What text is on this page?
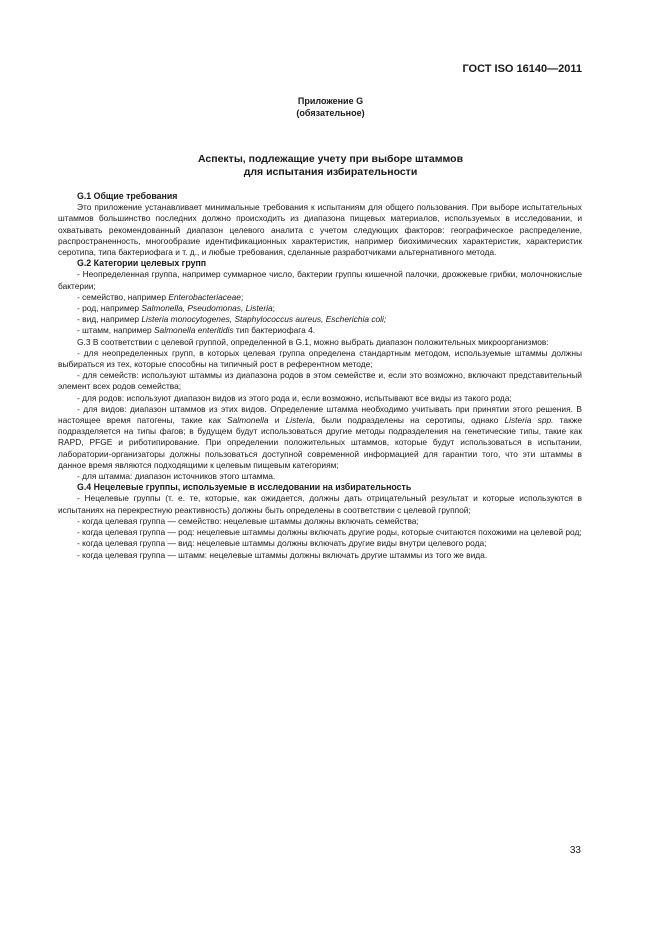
ГОСТ ISO 16140—2011
Приложение G
(обязательное)
Аспекты, подлежащие учету при выборе штаммов
для испытания избирательности
G.1 Общие требования

Это приложение устанавливает минимальные требования к испытаниям для общего пользования. При выборе испытательных штаммов большинство последних должно происходить из диапазона пищевых материалов, используемых в исследовании, и охватывать рекомендованный диапазон целевого аналита с учетом следующих факторов: географическое распределение, распространенность, многообразие идентификационных характеристик, например биохимических характеристик, характеристик серотипа, типа бактериофага и т. д., и любые требования, сделанные разработчиками альтернативного метода.

G.2 Категории целевых групп

- Неопределенная группа, например суммарное число, бактерии группы кишечной палочки, дрожжевые грибки, молочнокислые бактерии;

- семейство, например Enterobacteriaceae;

- род, например Salmonella, Pseudomonas, Listeria;

- вид, например Listeria monocytogenes, Staphylococcus aureus, Escherichia coli;

- штамм, например Salmonella enteritidis тип бактериофага 4.

G.3 В соответствии с целевой группой, определенной в G.1, можно выбрать диапазон положительных микроорганизмов:

- для неопределенных групп, в которых целевая группа определена стандартным методом, используемые штаммы должны выбираться из тех, которые способны на типичный рост в референтном методе;

- для семейств: используют штаммы из диапазона родов в этом семействе и, если это возможно, включают представительный элемент всех родов семейства;

- для родов: используют диапазон видов из этого рода и, если возможно, испытывают все виды из такого рода;

- для видов: диапазон штаммов из этих видов. Определение штамма необходимо учитывать при принятии этого решения. В настоящее время патогены, такие как Salmonella и Listeria, были подразделены на серотипы, однако Listeria spp. также подразделяется на типы фагов; в будущем будут использоваться другие методы подразделения на генетические типы, такие как RAPD, PFGE и риботипирование. При определении положительных штаммов, которые будут использоваться в испытании, лаборатории-организаторы должны пользоваться доступной современной информацией для гарантии того, что эти штаммы в данное время являются подходящими к целевым пищевым категориям;

- для штамма: диапазон источников этого штамма.

G.4 Нецелевые группы, используемые в исследовании на избирательность

- Нецелевые группы (т. е. те, которые, как ожидается, должны дать отрицательный результат и которые используются в испытаниях на перекрестную реактивность) должны быть определены в соответствии с целевой группой;

- когда целевая группа — семейство: нецелевые штаммы должны включать семейства;

- когда целевая группа — род: нецелевые штаммы должны включать другие роды, которые считаются похожими на целевой род;

- когда целевая группа — вид: нецелевые штаммы должны включать другие виды внутри целевого рода;

- когда целевая группа — штамм: нецелевые штаммы должны включать другие штаммы из того же вида.

33
